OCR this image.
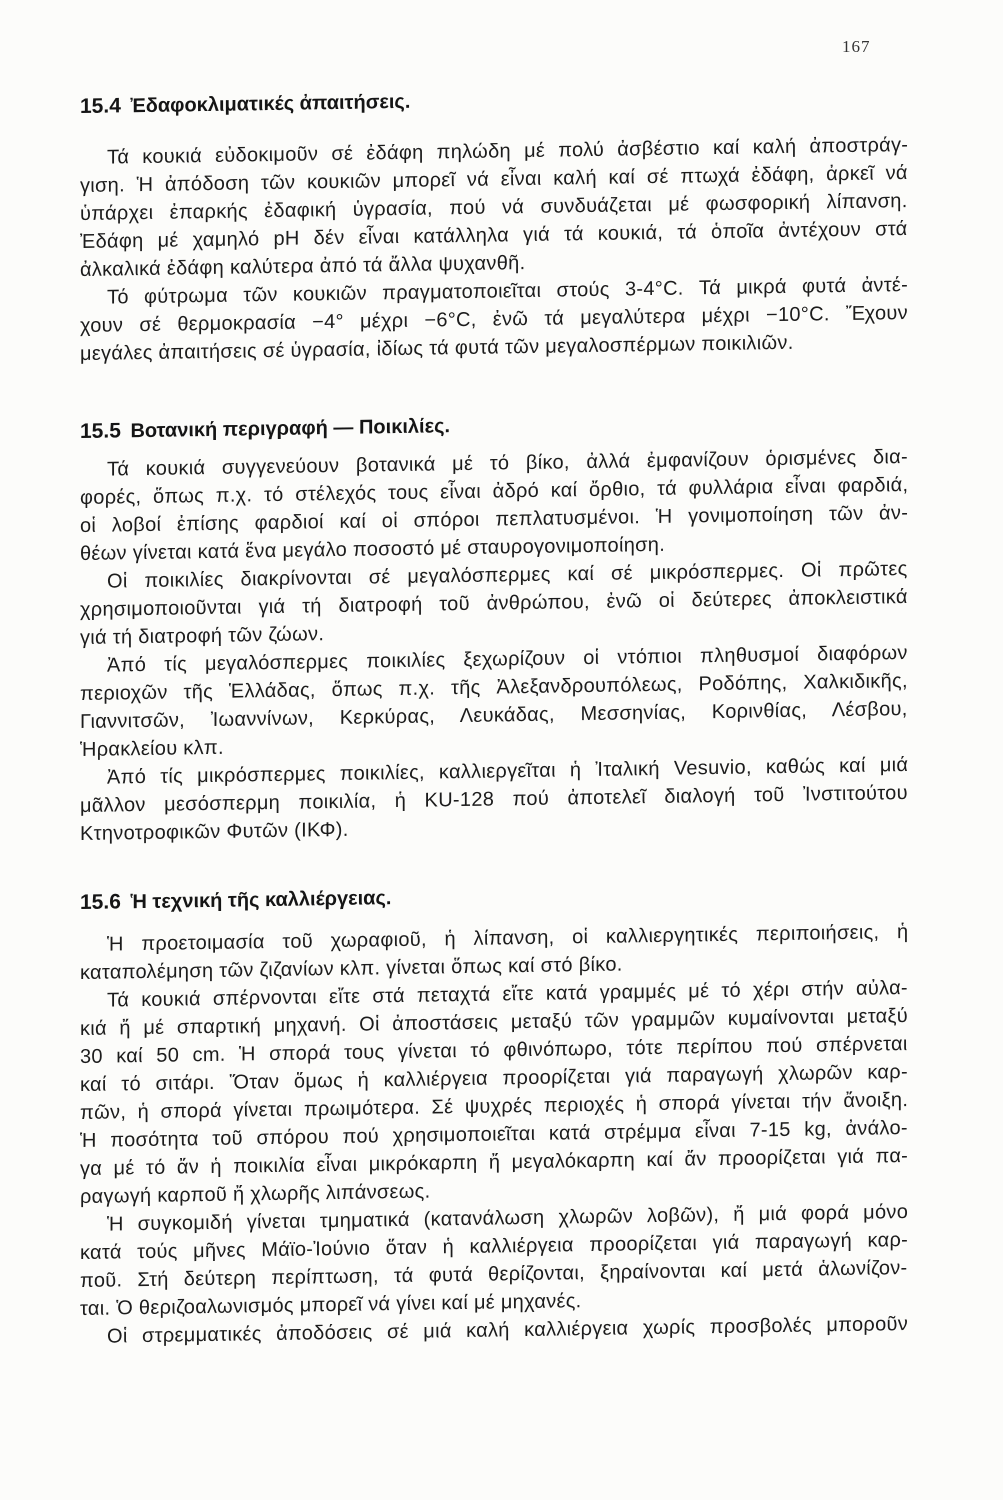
167
15.4 Ἐδαφοκλιματικές ἀπαιτήσεις.
Τά κουκιά εὐδοκιμοῦν σέ ἐδάφη πηλώδη μέ πολύ ἀσβέστιο καί καλή ἀποστράγ-
γιση. Ἡ ἀπόδοση τῶν κουκιῶν μπορεῖ νά εἶναι καλή καί σέ πτωχά ἐδάφη, ἀρκεῖ νά
ὑπάρχει ἐπαρκής ἐδαφική ὑγρασία, πού νά συνδυάζεται μέ φωσφορική λίπανση.
Ἐδάφη μέ χαμηλό pH δέν εἶναι κατάλληλα γιά τά κουκιά, τά ὁποῖα ἀντέχουν στά
ἀλκαλικά ἐδάφη καλύτερα ἀπό τά ἄλλα ψυχανθῆ.
Τό φύτρωμα τῶν κουκιῶν πραγματοποιεῖται στούς 3-4°C. Τά μικρά φυτά ἀντέ-
χουν σέ θερμοκρασία −4° μέχρι −6°C, ἐνῶ τά μεγαλύτερα μέχρι −10°C. Ἔχουν
μεγάλες ἀπαιτήσεις σέ ὑγρασία, ἰδίως τά φυτά τῶν μεγαλοσπέρμων ποικιλιῶν.
15.5 Βοτανική περιγραφή — Ποικιλίες.
Τά κουκιά συγγενεύουν βοτανικά μέ τό βίκο, ἀλλά ἐμφανίζουν ὁρισμένες δια-
φορές, ὅπως π.χ. τό στέλεχός τους εἶναι ἀδρό καί ὄρθιο, τά φυλλάρια εἶναι φαρδιά,
οἱ λοβοί ἐπίσης φαρδιοί καί οἱ σπόροι πεπλατυσμένοι. Ἡ γονιμοποίηση τῶν ἀν-
θέων γίνεται κατά ἕνα μεγάλο ποσοστό μέ σταυρογονιμοποίηση.
Οἱ ποικιλίες διακρίνονται σέ μεγαλόσπερμες καί σέ μικρόσπερμες. Οἱ πρῶτες
χρησιμοποιοῦνται γιά τή διατροφή τοῦ ἀνθρώπου, ἐνῶ οἱ δεύτερες ἀποκλειστικά
γιά τή διατροφή τῶν ζώων.
Ἀπό τίς μεγαλόσπερμες ποικιλίες ξεχωρίζουν οἱ ντόπιοι πληθυσμοί διαφόρων
περιοχῶν τῆς Ἑλλάδας, ὅπως π.χ. τῆς Ἀλεξανδρουπόλεως, Ροδόπης, Χαλκιδικῆς,
Γιαννιτσῶν, Ἰωαννίνων, Κερκύρας, Λευκάδας, Μεσσηνίας, Κορινθίας, Λέσβου,
Ἡρακλείου κλπ.
Ἀπό τίς μικρόσπερμες ποικιλίες, καλλιεργεῖται ἡ Ἰταλική Vesuvio, καθώς καί μιά
μᾶλλον μεσόσπερμη ποικιλία, ἡ KU-128 πού ἀποτελεῖ διαλογή τοῦ Ἰνστιτούτου
Κτηνοτροφικῶν Φυτῶν (ΙΚΦ).
15.6 Ἡ τεχνική τῆς καλλιέργειας.
Ἡ προετοιμασία τοῦ χωραφιοῦ, ἡ λίπανση, οἱ καλλιεργητικές περιποιήσεις, ἡ
καταπολέμηση τῶν ζιζανίων κλπ. γίνεται ὅπως καί στό βίκο.
Τά κουκιά σπέρνονται εἴτε στά πεταχτά εἴτε κατά γραμμές μέ τό χέρι στήν αὐλα-
κιά ἤ μέ σπαρτική μηχανή. Οἱ ἀποστάσεις μεταξύ τῶν γραμμῶν κυμαίνονται μεταξύ
30 καί 50 cm. Ἡ σπορά τους γίνεται τό φθινόπωρο, τότε περίπου πού σπέρνεται
καί τό σιτάρι. Ὅταν ὅμως ἡ καλλιέργεια προορίζεται γιά παραγωγή χλωρῶν καρ-
πῶν, ἡ σπορά γίνεται πρωιμότερα. Σέ ψυχρές περιοχές ἡ σπορά γίνεται τήν ἄνοιξη.
Ἡ ποσότητα τοῦ σπόρου πού χρησιμοποιεῖται κατά στρέμμα εἶναι 7-15 kg, ἀνάλο-
γα μέ τό ἄν ἡ ποικιλία εἶναι μικρόκαρπη ἤ μεγαλόκαρπη καί ἄν προορίζεται γιά πα-
ραγωγή καρποῦ ἤ χλωρῆς λιπάνσεως.
Ἡ συγκομιδή γίνεται τμηματικά (κατανάλωση χλωρῶν λοβῶν), ἤ μιά φορά μόνο
κατά τούς μῆνες Μάϊο-Ἰούνιο ὅταν ἡ καλλιέργεια προορίζεται γιά παραγωγή καρ-
ποῦ. Στή δεύτερη περίπτωση, τά φυτά θερίζονται, ξηραίνονται καί μετά ἁλωνίζον-
ται. Ὁ θεριζοαλωνισμός μπορεῖ νά γίνει καί μέ μηχανές.
Οἱ στρεμματικές ἀποδόσεις σέ μιά καλή καλλιέργεια χωρίς προσβολές μποροῦν
